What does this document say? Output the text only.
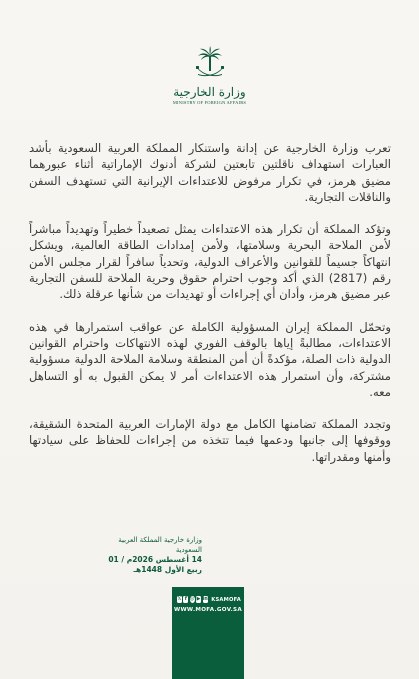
وزارة الخارجية
MINISTRY OF FOREIGN AFFAIRS

تعرب وزارة الخارجية عن إدانة واستنكار المملكة العربية السعودية بأشد العبارات استهداف ناقلتين تابعتين لشركة أدنوك الإماراتية أثناء عبورهما مضيق هرمز، في تكرار مرفوض للاعتداءات الإيرانية التي تستهدف السفن والناقلات التجارية.

وتؤكد المملكة أن تكرار هذه الاعتداءات يمثل تصعيداً خطيراً وتهديداً مباشراً لأمن الملاحة البحرية وسلامتها، ولأمن إمدادات الطاقة العالمية، ويشكل انتهاكاً جسيماً للقوانين والأعراف الدولية، وتحدياً سافراً لقرار مجلس الأمن رقم (2817) الذي أكد وجوب احترام حقوق وحرية الملاحة للسفن التجارية عبر مضيق هرمز، وأدان أي إجراءات أو تهديدات من شأنها عرقلة ذلك.

وتحمّل المملكة إيران المسؤولية الكاملة عن عواقب استمرارها في هذه الاعتداءات، مطالبةً إياها بالوقف الفوري لهذه الانتهاكات واحترام القوانين الدولية ذات الصلة، مؤكدةً أن أمن المنطقة وسلامة الملاحة الدولية مسؤولية مشتركة، وأن استمرار هذه الاعتداءات أمر لا يمكن القبول به أو التساهل معه.

وتجدد المملكة تضامنها الكامل مع دولة الإمارات العربية المتحدة الشقيقة، ووقوفها إلى جانبها ودعمها فيما تتخذه من إجراءات للحفاظ على سيادتها وأمنها ومقدراتها.

وزارة خارجية المملكة العربية السعودية
14 أغسطس 2026م / 01 ربيع الأول 1448هـ
𝕏 f ◎ ▶ in KSAMOFA
WWW.MOFA.GOV.SA
